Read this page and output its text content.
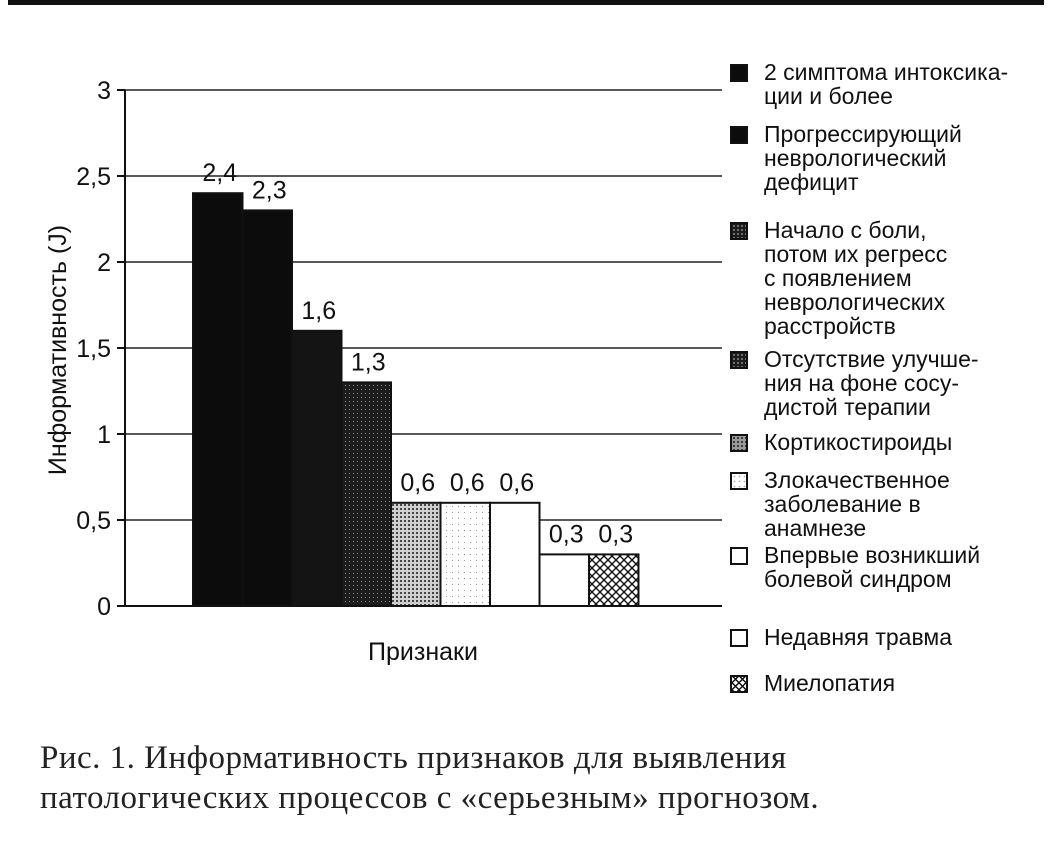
0
0,5
1
1,5
2
2,5
3
2,4
2,3
1,6
1,3
0,6 0,6 0,6
0,3 0,3
Информативность (J)
Признаки
2 симптома интоксика-
ции и более
Прогрессирующий
неврологический
дефицит
Начало с боли,
потом их регресс
с появлением
неврологических
расстройств
Отсутствие улучше-
ния на фоне сосу-
дистой терапии
Кортикостироиды
Злокачественное
заболевание в
анамнезе
Впервые возникший
болевой синдром
Недавняя травма
Миелопатия
Рис. 1. Информативность признаков для выявления
патологических процессов с «серьезным» прогнозом.
